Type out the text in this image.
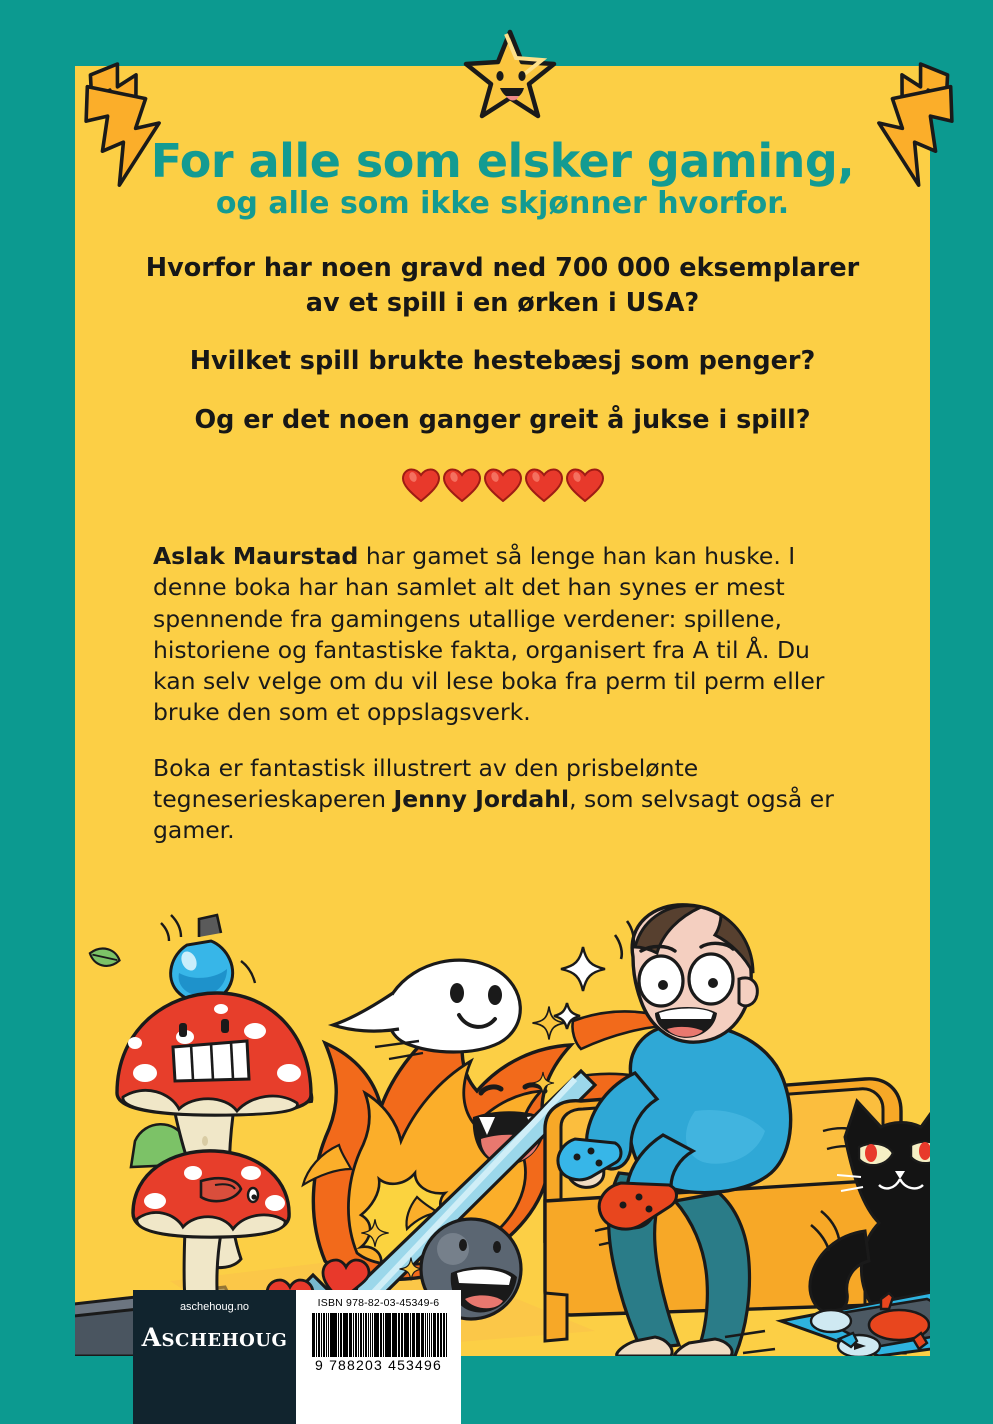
For alle som elsker gaming,
og alle som ikke skjønner hvorfor.

Hvorfor har noen gravd ned 700 000 eksemplarer av et spill i en ørken i USA?

Hvilket spill brukte hestebæsj som penger?

Og er det noen ganger greit å jukse i spill?

Aslak Maurstad har gamet så lenge han kan huske. I denne boka har han samlet alt det han synes er mest spennende fra gamingens utallige verdener: spillene, historiene og fantastiske fakta, organisert fra A til Å. Du kan selv velge om du vil lese boka fra perm til perm eller bruke den som et oppslagsverk.

Boka er fantastisk illustrert av den prisbelønte tegneserieskaperen Jenny Jordahl, som selvsagt også er gamer.

aschehoug.no
Aschehoug
ISBN 978-82-03-45349-6
9 788203 453496
